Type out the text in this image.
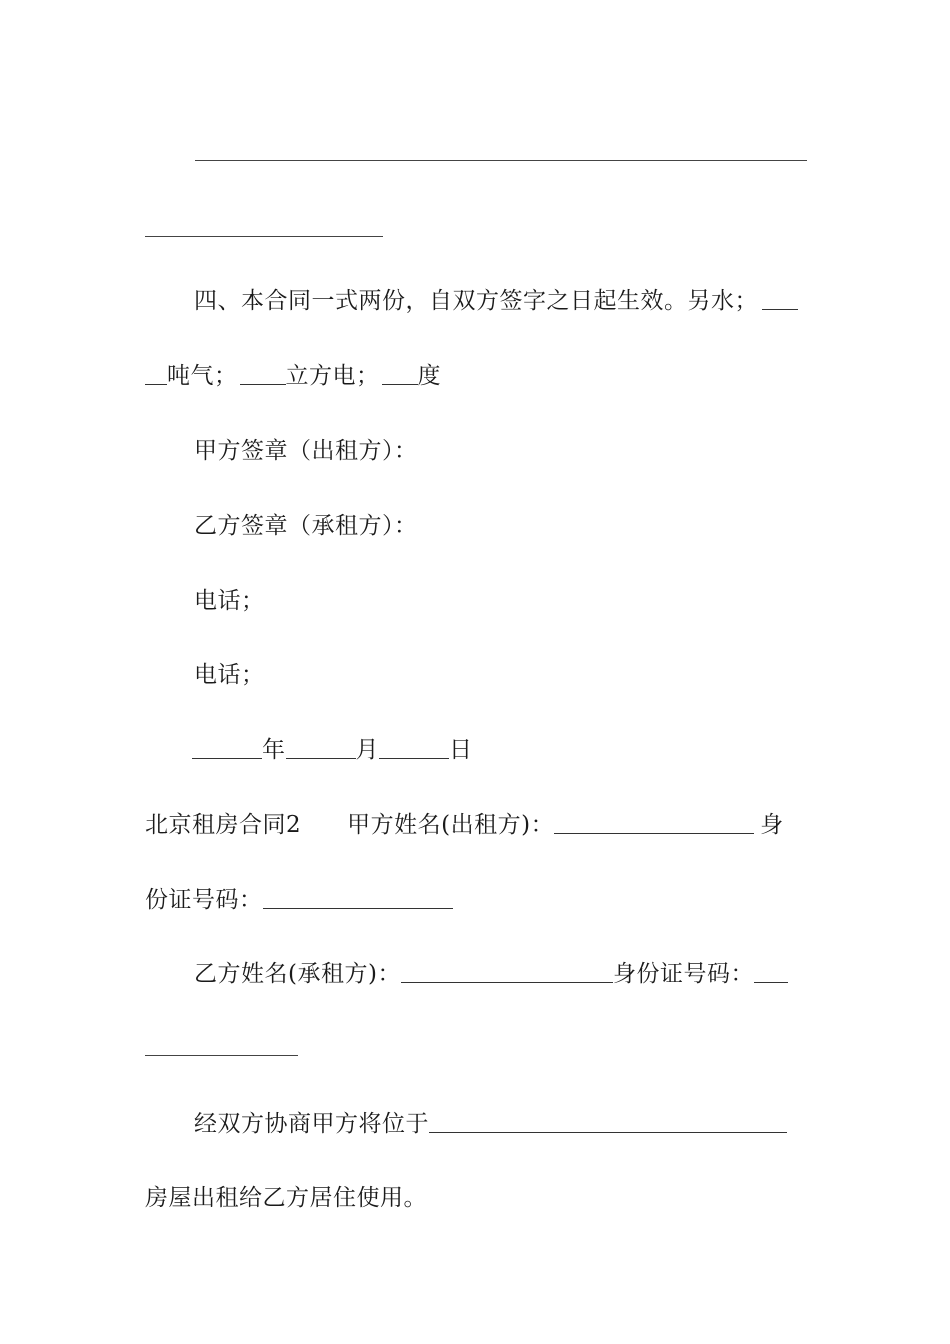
四、本合同一式两份，自双方签字之日起生效。另水；
吨气； 立方电； 度
甲方签章（出租方）：
乙方签章（承租方）：
电话；
电话；
年	月	日
北京租房合同2 甲方姓名(出租方)：	身
份证号码：
乙方姓名(承租方)：	身份证号码：
经双方协商甲方将位于
房屋出租给乙方居住使用。
